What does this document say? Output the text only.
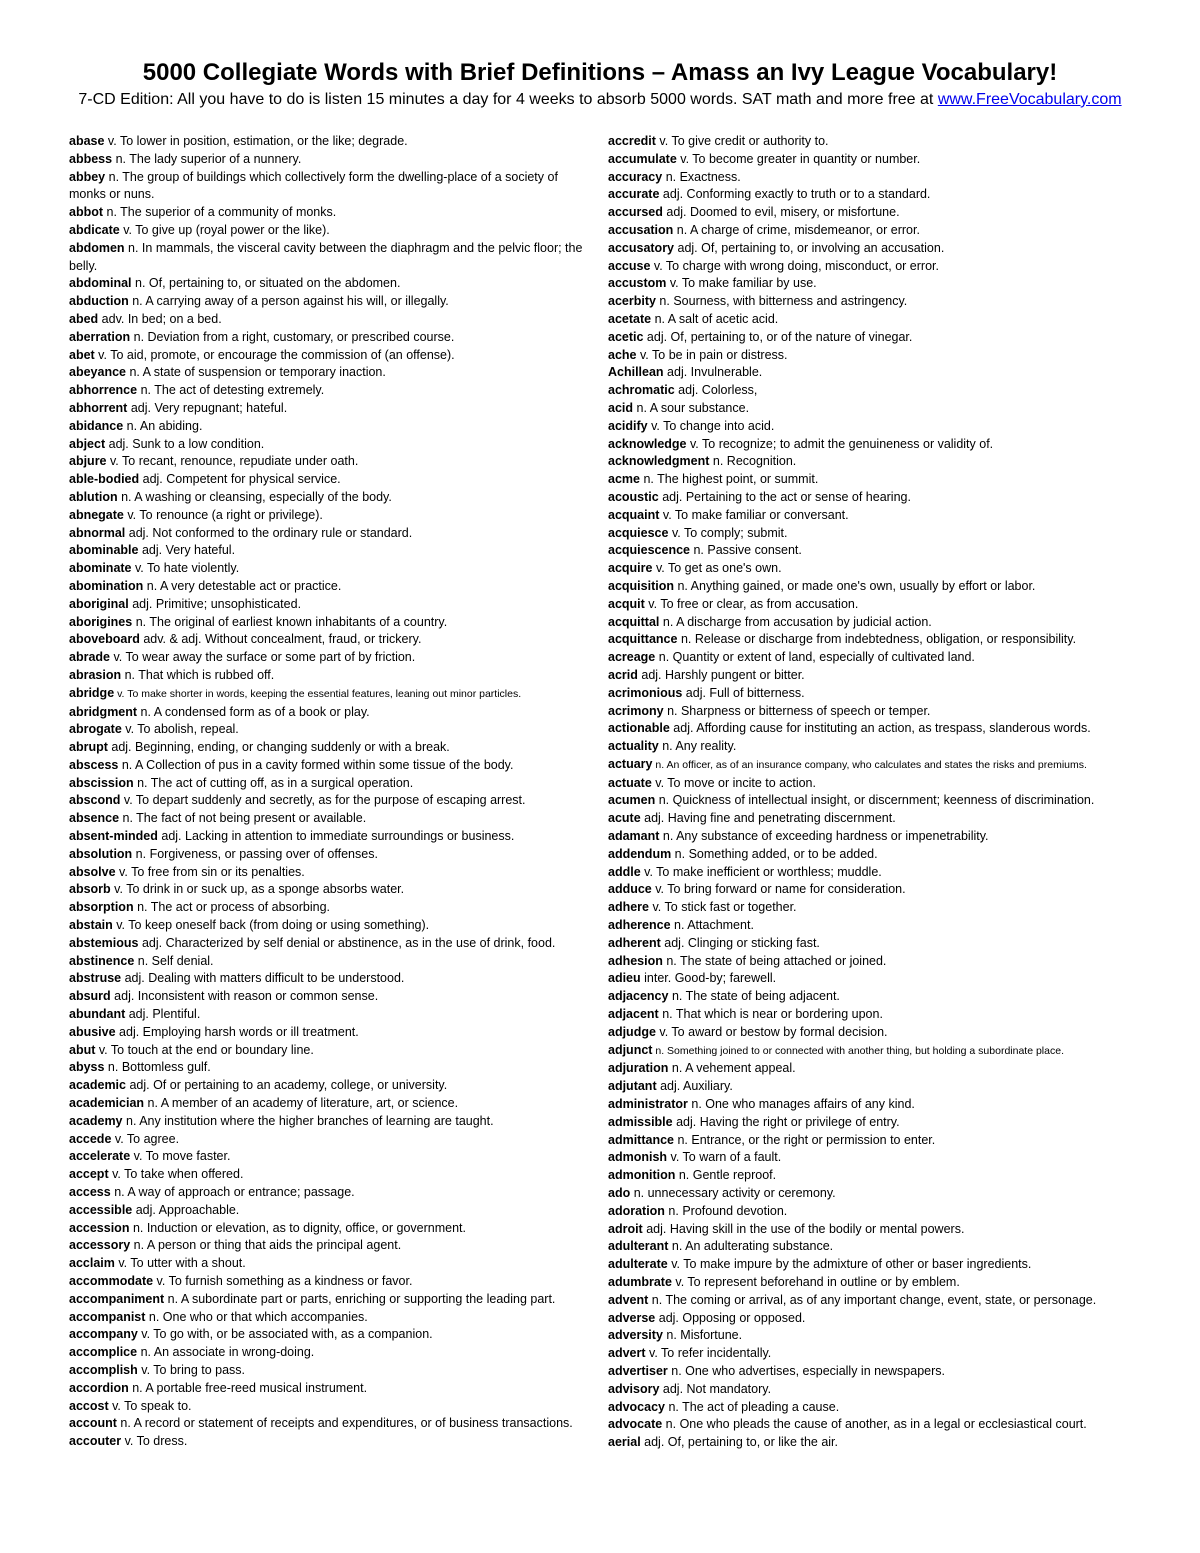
5000 Collegiate Words with Brief Definitions – Amass an Ivy League Vocabulary!
7-CD Edition: All you have to do is listen 15 minutes a day for 4 weeks to absorb 5000 words. SAT math and more free at www.FreeVocabulary.com
abase v. To lower in position, estimation, or the like; degrade.
abbess n. The lady superior of a nunnery.
abbey n. The group of buildings which collectively form the dwelling-place of a society of monks or nuns.
abbot n. The superior of a community of monks.
abdicate v. To give up (royal power or the like).
abdomen n. In mammals, the visceral cavity between the diaphragm and the pelvic floor; the belly.
abdominal n. Of, pertaining to, or situated on the abdomen.
abduction n. A carrying away of a person against his will, or illegally.
abed adv. In bed; on a bed.
aberration n. Deviation from a right, customary, or prescribed course.
abet v. To aid, promote, or encourage the commission of (an offense).
abeyance n. A state of suspension or temporary inaction.
abhorrence n. The act of detesting extremely.
abhorrent adj. Very repugnant; hateful.
abidance n. An abiding.
abject adj. Sunk to a low condition.
abjure v. To recant, renounce, repudiate under oath.
able-bodied adj. Competent for physical service.
ablution n. A washing or cleansing, especially of the body.
abnegate v. To renounce (a right or privilege).
abnormal adj. Not conformed to the ordinary rule or standard.
abominable adj. Very hateful.
abominate v. To hate violently.
abomination n. A very detestable act or practice.
aboriginal adj. Primitive; unsophisticated.
aborigines n. The original of earliest known inhabitants of a country.
aboveboard adv. & adj. Without concealment, fraud, or trickery.
abrade v. To wear away the surface or some part of by friction.
abrasion n. That which is rubbed off.
abridge v. To make shorter in words, keeping the essential features, leaning out minor particles.
abridgment n. A condensed form as of a book or play.
abrogate v. To abolish, repeal.
abrupt adj. Beginning, ending, or changing suddenly or with a break.
abscess n. A Collection of pus in a cavity formed within some tissue of the body.
abscission n. The act of cutting off, as in a surgical operation.
abscond v. To depart suddenly and secretly, as for the purpose of escaping arrest.
absence n. The fact of not being present or available.
absent-minded adj. Lacking in attention to immediate surroundings or business.
absolution n. Forgiveness, or passing over of offenses.
absolve v. To free from sin or its penalties.
absorb v. To drink in or suck up, as a sponge absorbs water.
absorption n. The act or process of absorbing.
abstain v. To keep oneself back (from doing or using something).
abstemious adj. Characterized by self denial or abstinence, as in the use of drink, food.
abstinence n. Self denial.
abstruse adj. Dealing with matters difficult to be understood.
absurd adj. Inconsistent with reason or common sense.
abundant adj. Plentiful.
abusive adj. Employing harsh words or ill treatment.
abut v. To touch at the end or boundary line.
abyss n. Bottomless gulf.
academic adj. Of or pertaining to an academy, college, or university.
academician n. A member of an academy of literature, art, or science.
academy n. Any institution where the higher branches of learning are taught.
accede v. To agree.
accelerate v. To move faster.
accept v. To take when offered.
access n. A way of approach or entrance; passage.
accessible adj. Approachable.
accession n. Induction or elevation, as to dignity, office, or government.
accessory n. A person or thing that aids the principal agent.
acclaim v. To utter with a shout.
accommodate v. To furnish something as a kindness or favor.
accompaniment n. A subordinate part or parts, enriching or supporting the leading part.
accompanist n. One who or that which accompanies.
accompany v. To go with, or be associated with, as a companion.
accomplice n. An associate in wrong-doing.
accomplish v. To bring to pass.
accordion n. A portable free-reed musical instrument.
accost v. To speak to.
account n. A record or statement of receipts and expenditures, or of business transactions.
accouter v. To dress.
accredit v. To give credit or authority to.
accumulate v. To become greater in quantity or number.
accuracy n. Exactness.
accurate adj. Conforming exactly to truth or to a standard.
accursed adj. Doomed to evil, misery, or misfortune.
accusation n. A charge of crime, misdemeanor, or error.
accusatory adj. Of, pertaining to, or involving an accusation.
accuse v. To charge with wrong doing, misconduct, or error.
accustom v. To make familiar by use.
acerbity n. Sourness, with bitterness and astringency.
acetate n. A salt of acetic acid.
acetic adj. Of, pertaining to, or of the nature of vinegar.
ache v. To be in pain or distress.
Achillean adj. Invulnerable.
achromatic adj. Colorless,
acid n. A sour substance.
acidify v. To change into acid.
acknowledge v. To recognize; to admit the genuineness or validity of.
acknowledgment n. Recognition.
acme n. The highest point, or summit.
acoustic adj. Pertaining to the act or sense of hearing.
acquaint v. To make familiar or conversant.
acquiesce v. To comply; submit.
acquiescence n. Passive consent.
acquire v. To get as one's own.
acquisition n. Anything gained, or made one's own, usually by effort or labor.
acquit v. To free or clear, as from accusation.
acquittal n. A discharge from accusation by judicial action.
acquittance n. Release or discharge from indebtedness, obligation, or responsibility.
acreage n. Quantity or extent of land, especially of cultivated land.
acrid adj. Harshly pungent or bitter.
acrimonious adj. Full of bitterness.
acrimony n. Sharpness or bitterness of speech or temper.
actionable adj. Affording cause for instituting an action, as trespass, slanderous words.
actuality n. Any reality.
actuary n. An officer, as of an insurance company, who calculates and states the risks and premiums.
actuate v. To move or incite to action.
acumen n. Quickness of intellectual insight, or discernment; keenness of discrimination.
acute adj. Having fine and penetrating discernment.
adamant n. Any substance of exceeding hardness or impenetrability.
addendum n. Something added, or to be added.
addle v. To make inefficient or worthless; muddle.
adduce v. To bring forward or name for consideration.
adhere v. To stick fast or together.
adherence n. Attachment.
adherent adj. Clinging or sticking fast.
adhesion n. The state of being attached or joined.
adieu inter. Good-by; farewell.
adjacency n. The state of being adjacent.
adjacent n. That which is near or bordering upon.
adjudge v. To award or bestow by formal decision.
adjunct n. Something joined to or connected with another thing, but holding a subordinate place.
adjuration n. A vehement appeal.
adjutant adj. Auxiliary.
administrator n. One who manages affairs of any kind.
admissible adj. Having the right or privilege of entry.
admittance n. Entrance, or the right or permission to enter.
admonish v. To warn of a fault.
admonition n. Gentle reproof.
ado n. unnecessary activity or ceremony.
adoration n. Profound devotion.
adroit adj. Having skill in the use of the bodily or mental powers.
adulterant n. An adulterating substance.
adulterate v. To make impure by the admixture of other or baser ingredients.
adumbrate v. To represent beforehand in outline or by emblem.
advent n. The coming or arrival, as of any important change, event, state, or personage.
adverse adj. Opposing or opposed.
adversity n. Misfortune.
advert v. To refer incidentally.
advertiser n. One who advertises, especially in newspapers.
advisory adj. Not mandatory.
advocacy n. The act of pleading a cause.
advocate n. One who pleads the cause of another, as in a legal or ecclesiastical court.
aerial adj. Of, pertaining to, or like the air.
